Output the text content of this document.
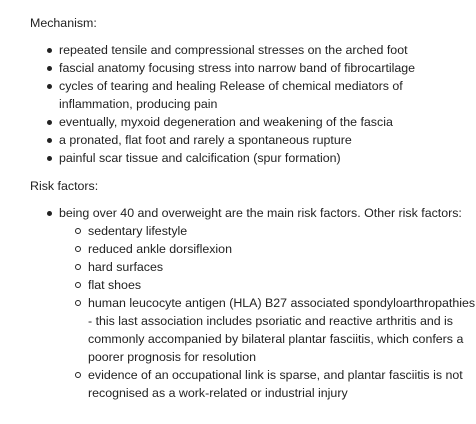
Mechanism:

repeated tensile and compressional stresses on the arched foot
fascial anatomy focusing stress into narrow band of fibrocartilage
cycles of tearing and healing Release of chemical mediators of inflammation, producing pain
eventually, myxoid degeneration and weakening of the fascia
a pronated, flat foot and rarely a spontaneous rupture
painful scar tissue and calcification (spur formation)

Risk factors:

being over 40 and overweight are the main risk factors. Other risk factors:
sedentary lifestyle
reduced ankle dorsiflexion
hard surfaces
flat shoes
human leucocyte antigen (HLA) B27 associated spondyloarthropathies - this last association includes psoriatic and reactive arthritis and is commonly accompanied by bilateral plantar fasciitis, which confers a poorer prognosis for resolution
evidence of an occupational link is sparse, and plantar fasciitis is not recognised as a work-related or industrial injury
